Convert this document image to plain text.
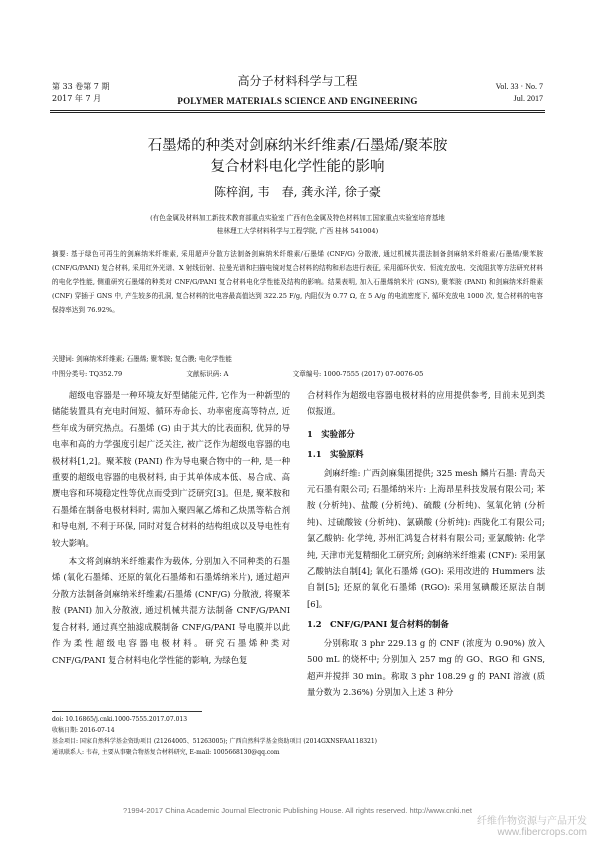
第 33 卷第 7 期
2017 年 7 月
高分子材料科学与工程
POLYMER MATERIALS SCIENCE AND ENGINEERING
Vol. 33 · No. 7
Jul. 2017
石墨烯的种类对剑麻纳米纤维素/石墨烯/聚苯胺
复合材料电化学性能的影响
陈梓润, 韦　春, 龚永洋, 徐子豪
(有色金属及材料加工新技术教育部重点实验室 广西有色金属及特色材料加工国家重点实验室培育基地
桂林理工大学材料科学与工程学院, 广西 桂林 541004)
摘要: 基于绿色可再生的剑麻纳米纤维素, 采用超声分散方法制备剑麻纳米纤维素/石墨烯 (CNF/G) 分散液, 通过机械共混法制备剑麻纳米纤维素/石墨烯/聚苯胺 (CNF/G/PANI) 复合材料, 采用红外光谱、X 射线衍射、拉曼光谱和扫描电镜对复合材料的结构和形态进行表征, 采用循环伏安、恒流充放电、交流阻抗等方法研究材料的电化学性能, 侧重研究石墨烯的种类对 CNF/G/PANI 复合材料电化学性能及结构的影响。结果表明, 加入石墨烯纳米片 (GNS), 聚苯胺 (PANI) 和剑麻纳米纤维素 (CNF) 穿插于 GNS 中, 产生较多的孔洞, 复合材料的比电容最高值达到 322.25 F/g, 内阻仅为 0.77 Ω, 在 5 A/g 的电流密度下, 循环充放电 1000 次, 复合材料的电容保持率达到 76.92%。
关键词: 剑麻纳米纤维素; 石墨烯; 聚苯胺; 复合膜; 电化学性能
中图分类号: TQ352.79	文献标识码: A	文章编号: 1000-7555 (2017) 07-0076-05

超级电容器是一种环境友好型储能元件, 它作为一种新型的储能装置具有充电时间短、循环寿命长、功率密度高等特点, 近些年成为研究热点。石墨烯 (G) 由于其大的比表面积, 优异的导电率和高的力学强度引起广泛关注, 被广泛作为超级电容器的电极材料[1,2]。聚苯胺 (PANI) 作为导电聚合物中的一种, 是一种重要的超级电容器的电极材料, 由于其单体成本低、易合成、高赝电容和环境稳定性等优点而受到广泛研究[3]。但是, 聚苯胺和石墨烯在制备电极材料时, 需加入聚四氟乙烯和乙炔黑等粘合剂和导电剂, 不利于环保, 同时对复合材料的结构组成以及导电性有较大影响。

本文将剑麻纳米纤维素作为载体, 分别加入不同种类的石墨烯 (氧化石墨烯、还原的氧化石墨烯和石墨烯纳米片), 通过超声分散方法制备剑麻纳米纤维素/石墨烯 (CNF/G) 分散液, 将聚苯胺 (PANI) 加入分散液, 通过机械共混方法制备 CNF/G/PANI 复合材料, 通过真空抽滤成膜制备 CNF/G/PANI 导电膜并以此作为柔性超级电容器电极材料。研究石墨烯种类对 CNF/G/PANI 复合材料电化学性能的影响, 为绿色复

合材料作为超级电容器电极材料的应用提供参考, 目前未见到类似报道。
1　实验部分
1.1　实验原料

剑麻纤维: 广西剑麻集团提供; 325 mesh 鳞片石墨: 青岛天元石墨有限公司; 石墨烯纳米片: 上海昂星科技发展有限公司; 苯胺 (分析纯)、盐酸 (分析纯)、硫酸 (分析纯)、氢氧化钠 (分析纯)、过硫酸铵 (分析纯)、氯磺酸 (分析纯): 西陇化工有限公司; 氯乙酸钠: 化学纯, 苏州汇鸿复合材料有限公司; 亚氯酸钠: 化学纯, 天津市光复精细化工研究所; 剑麻纳米纤维素 (CNF): 采用氯乙酸钠法自制[4]; 氧化石墨烯 (GO): 采用改进的 Hummers 法自制[5]; 还原的氧化石墨烯 (RGO): 采用氢碘酸还原法自制[6]。

1.2　CNF/G/PANI 复合材料的制备

分别称取 3 phr 229.13 g 的 CNF (浓度为 0.90%) 放入 500 mL 的烧杯中; 分别加入 257 mg 的 GO、RGO 和 GNS, 超声并搅拌 30 min。称取 3 phr 108.29 g 的 PANI 溶液 (质量分数为 2.36%) 分别加入上述 3 种分

doi: 10.16865/j.cnki.1000-7555.2017.07.013
收稿日期: 2016-07-14
基金项目: 国家自然科学基金资助项目 (21264005、51263005); 广西自然科学基金资助项目 (2014GXNSFAA118321)
通讯联系人: 韦春, 主要从事聚合物基复合材料研究, E-mail: 1005668130@qq.com
?1994-2017 China Academic Journal Electronic Publishing House. All rights reserved. http://www.cnki.net
纤维作物资源与产品开发
www.fibercrops.com
